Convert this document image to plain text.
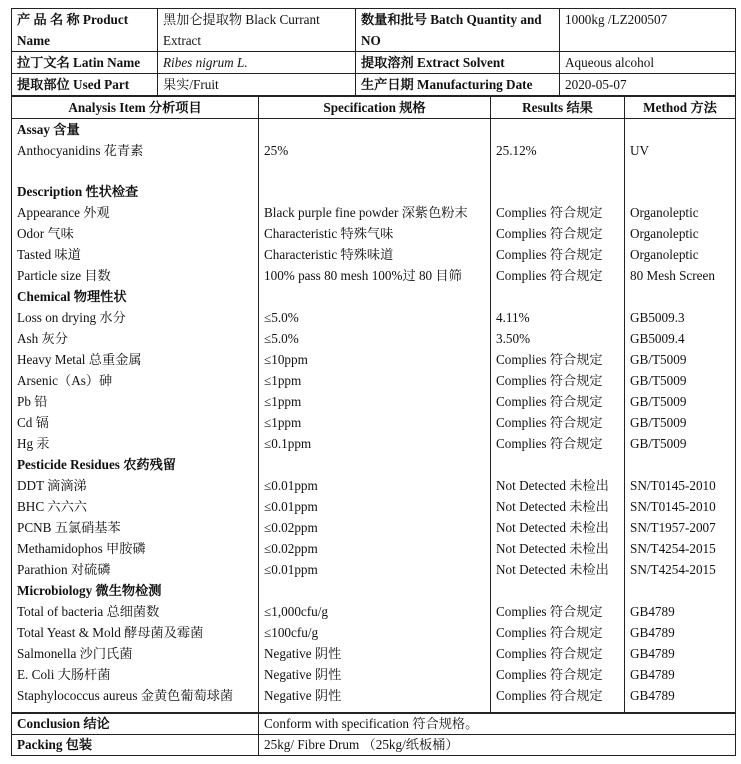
产 品 名 称 Product Name	黑加仑提取物 Black Currant Extract	数量和批号 Batch Quantity and NO	1000kg /LZ200507
拉丁文名 Latin Name	Ribes nigrum L.	提取溶剂 Extract Solvent	Aqueous alcohol
提取部位 Used Part	果实/Fruit	生产日期 Manufacturing Date	2020-05-07
Analysis Item 分析项目	Specification 规格	Results 结果	Method 方法
Assay 含量			
Anthocyanidins 花青素	25%	25.12%	UV

Description 性状检查			
Appearance 外观	Black purple fine powder 深紫色粉末	Complies 符合规定	Organoleptic
Odor 气味	Characteristic 特殊气味	Complies 符合规定	Organoleptic
Tasted 味道	Characteristic 特殊味道	Complies 符合规定	Organoleptic
Particle size 目数	100% pass 80 mesh 100%过 80 目筛	Complies 符合规定	80 Mesh Screen
Chemical 物理性状			
Loss on drying 水分	≤5.0%	4.11%	GB5009.3
Ash 灰分	≤5.0%	3.50%	GB5009.4
Heavy Metal 总重金属	≤10ppm	Complies 符合规定	GB/T5009
Arsenic（As）砷	≤1ppm	Complies 符合规定	GB/T5009
Pb 铅	≤1ppm	Complies 符合规定	GB/T5009
Cd 镉	≤1ppm	Complies 符合规定	GB/T5009
Hg 汞	≤0.1ppm	Complies 符合规定	GB/T5009
Pesticide Residues 农药残留			
DDT 滴滴涕	≤0.01ppm	Not Detected 未检出	SN/T0145-2010
BHC 六六六	≤0.01ppm	Not Detected 未检出	SN/T0145-2010
PCNB 五氯硝基苯	≤0.02ppm	Not Detected 未检出	SN/T1957-2007
Methamidophos 甲胺磷	≤0.02ppm	Not Detected 未检出	SN/T4254-2015
Parathion 对硫磷	≤0.01ppm	Not Detected 未检出	SN/T4254-2015
Microbiology 微生物检测			
Total of bacteria 总细菌数	≤1,000cfu/g	Complies 符合规定	GB4789
Total Yeast & Mold 酵母菌及霉菌	≤100cfu/g	Complies 符合规定	GB4789
Salmonella 沙门氏菌	Negative 阴性	Complies 符合规定	GB4789
E. Coli 大肠杆菌	Negative 阴性	Complies 符合规定	GB4789
Staphylococcus aureus 金黄色葡萄球菌	Negative 阴性	Complies 符合规定	GB4789

Conclusion 结论	Conform with specification 符合规格。
Packing 包装	25kg/ Fibre Drum （25kg/纸板桶）
